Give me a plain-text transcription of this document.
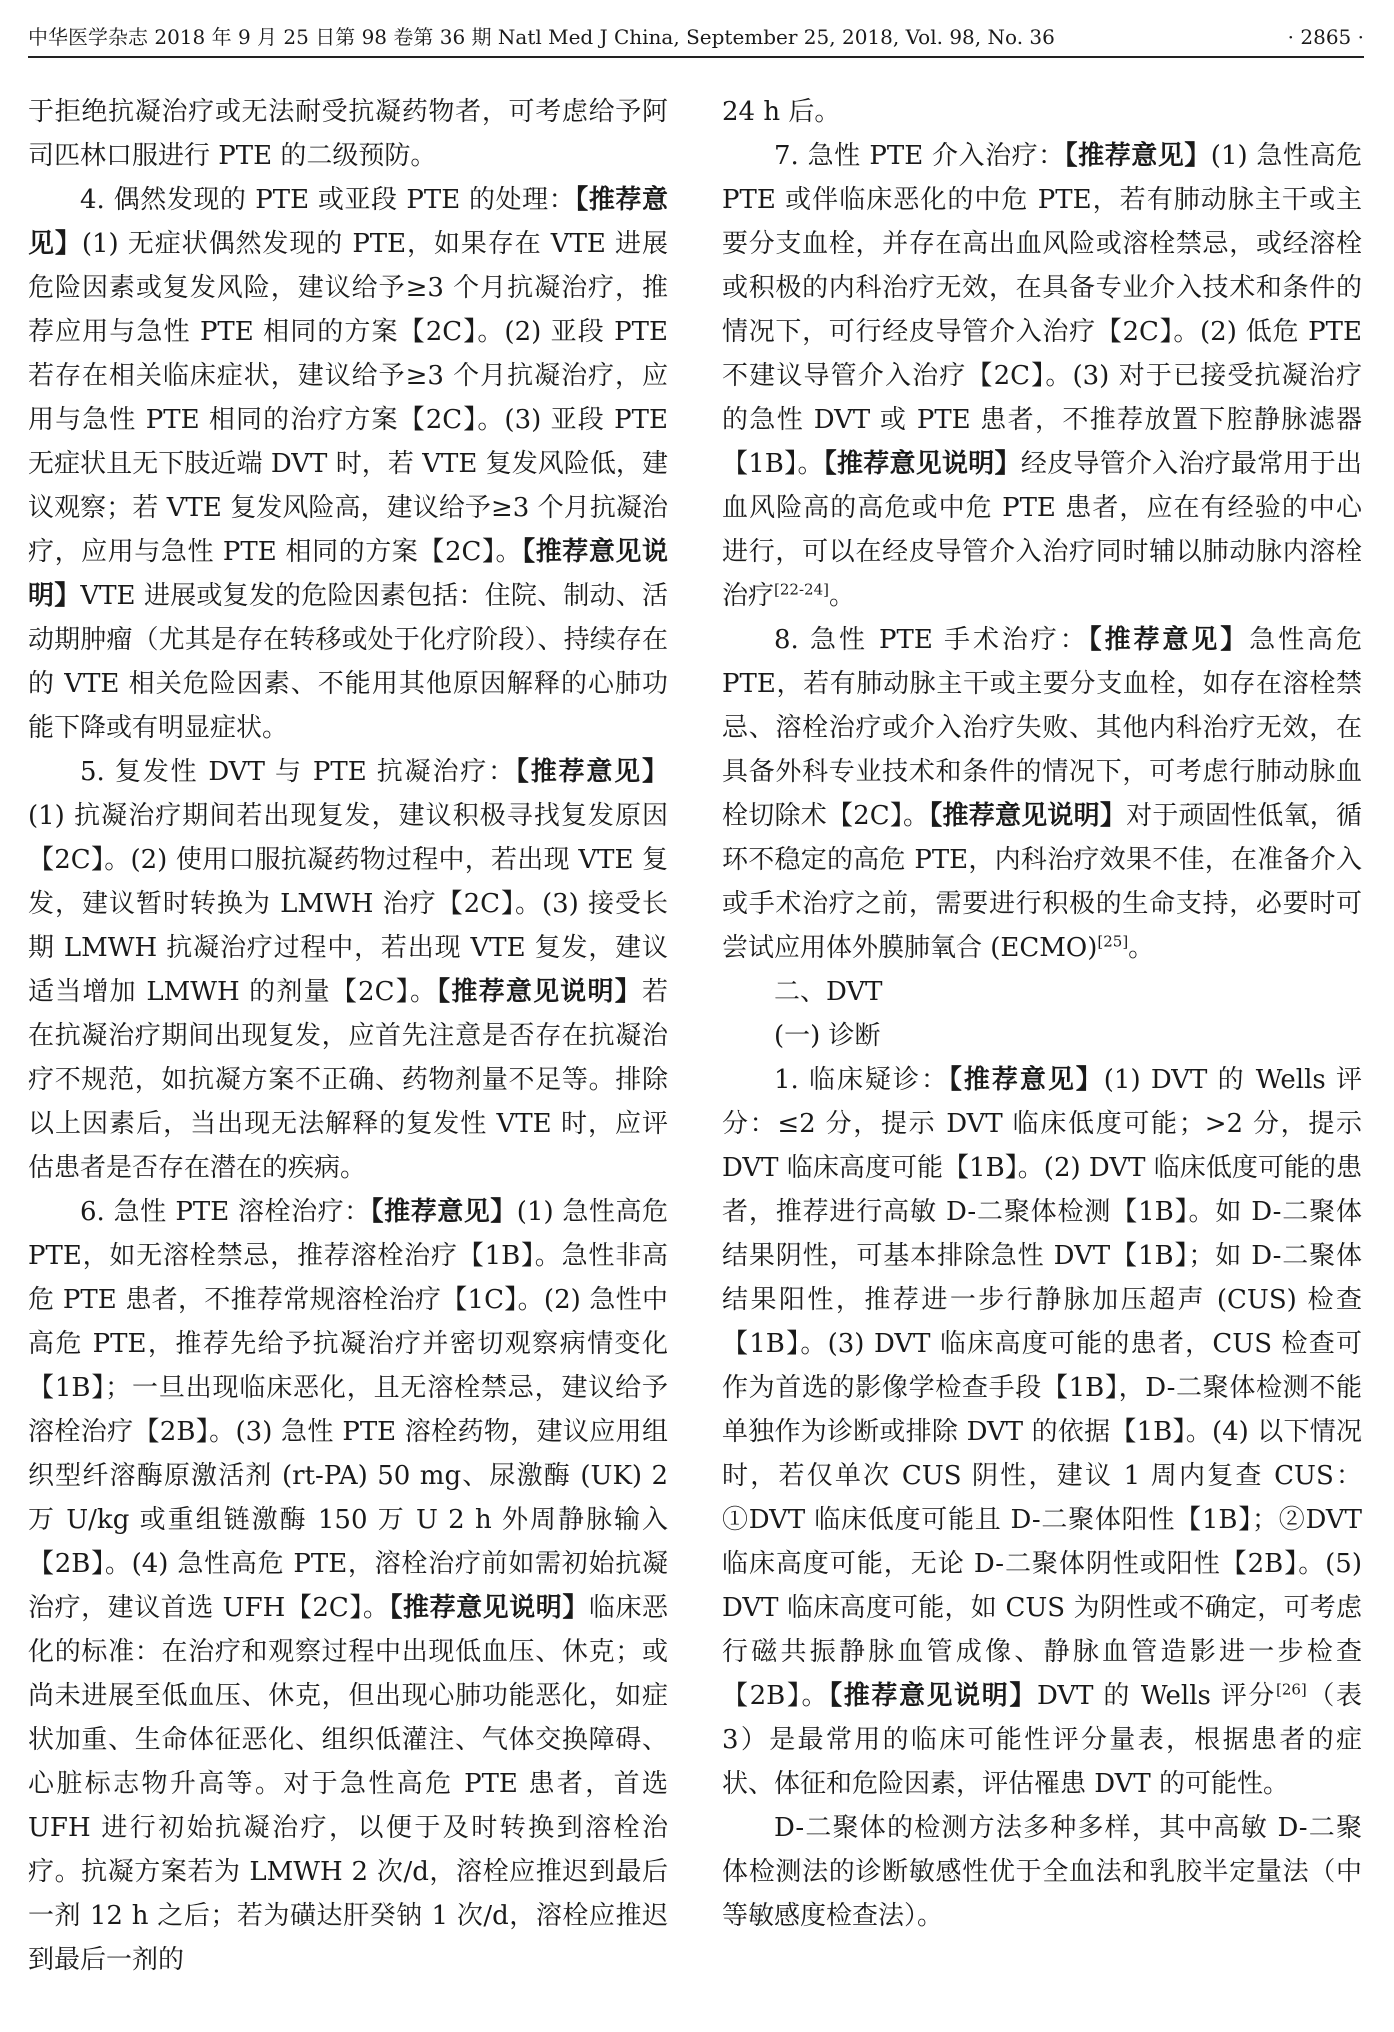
中华医学杂志 2018 年 9 月 25 日第 98 卷第 36 期 Natl Med J China, September 25, 2018, Vol. 98, No. 36	· 2865 ·

于拒绝抗凝治疗或无法耐受抗凝药物者，可考虑给予阿司匹林口服进行 PTE 的二级预防。

4. 偶然发现的 PTE 或亚段 PTE 的处理：【推荐意见】(1) 无症状偶然发现的 PTE，如果存在 VTE 进展危险因素或复发风险，建议给予≥3 个月抗凝治疗，推荐应用与急性 PTE 相同的方案【2C】。(2) 亚段 PTE 若存在相关临床症状，建议给予≥3 个月抗凝治疗，应用与急性 PTE 相同的治疗方案【2C】。(3) 亚段 PTE 无症状且无下肢近端 DVT 时，若 VTE 复发风险低，建议观察；若 VTE 复发风险高，建议给予≥3 个月抗凝治疗，应用与急性 PTE 相同的方案【2C】。【推荐意见说明】VTE 进展或复发的危险因素包括：住院、制动、活动期肿瘤（尤其是存在转移或处于化疗阶段）、持续存在的 VTE 相关危险因素、不能用其他原因解释的心肺功能下降或有明显症状。

5. 复发性 DVT 与 PTE 抗凝治疗：【推荐意见】(1) 抗凝治疗期间若出现复发，建议积极寻找复发原因【2C】。(2) 使用口服抗凝药物过程中，若出现 VTE 复发，建议暂时转换为 LMWH 治疗【2C】。(3) 接受长期 LMWH 抗凝治疗过程中，若出现 VTE 复发，建议适当增加 LMWH 的剂量【2C】。【推荐意见说明】若在抗凝治疗期间出现复发，应首先注意是否存在抗凝治疗不规范，如抗凝方案不正确、药物剂量不足等。排除以上因素后，当出现无法解释的复发性 VTE 时，应评估患者是否存在潜在的疾病。

6. 急性 PTE 溶栓治疗：【推荐意见】(1) 急性高危 PTE，如无溶栓禁忌，推荐溶栓治疗【1B】。急性非高危 PTE 患者，不推荐常规溶栓治疗【1C】。(2) 急性中高危 PTE，推荐先给予抗凝治疗并密切观察病情变化【1B】；一旦出现临床恶化，且无溶栓禁忌，建议给予溶栓治疗【2B】。(3) 急性 PTE 溶栓药物，建议应用组织型纤溶酶原激活剂 (rt-PA) 50 mg、尿激酶 (UK) 2 万 U/kg 或重组链激酶 150 万 U 2 h 外周静脉输入【2B】。(4) 急性高危 PTE，溶栓治疗前如需初始抗凝治疗，建议首选 UFH【2C】。【推荐意见说明】临床恶化的标准：在治疗和观察过程中出现低血压、休克；或尚未进展至低血压、休克，但出现心肺功能恶化，如症状加重、生命体征恶化、组织低灌注、气体交换障碍、心脏标志物升高等。对于急性高危 PTE 患者，首选 UFH 进行初始抗凝治疗，以便于及时转换到溶栓治疗。抗凝方案若为 LMWH 2 次/d，溶栓应推迟到最后一剂 12 h 之后；若为磺达肝癸钠 1 次/d，溶栓应推迟到最后一剂的

24 h 后。

7. 急性 PTE 介入治疗：【推荐意见】(1) 急性高危 PTE 或伴临床恶化的中危 PTE，若有肺动脉主干或主要分支血栓，并存在高出血风险或溶栓禁忌，或经溶栓或积极的内科治疗无效，在具备专业介入技术和条件的情况下，可行经皮导管介入治疗【2C】。(2) 低危 PTE 不建议导管介入治疗【2C】。(3) 对于已接受抗凝治疗的急性 DVT 或 PTE 患者，不推荐放置下腔静脉滤器【1B】。【推荐意见说明】经皮导管介入治疗最常用于出血风险高的高危或中危 PTE 患者，应在有经验的中心进行，可以在经皮导管介入治疗同时辅以肺动脉内溶栓治疗[22-24]。

8. 急性 PTE 手术治疗：【推荐意见】急性高危 PTE，若有肺动脉主干或主要分支血栓，如存在溶栓禁忌、溶栓治疗或介入治疗失败、其他内科治疗无效，在具备外科专业技术和条件的情况下，可考虑行肺动脉血栓切除术【2C】。【推荐意见说明】对于顽固性低氧，循环不稳定的高危 PTE，内科治疗效果不佳，在准备介入或手术治疗之前，需要进行积极的生命支持，必要时可尝试应用体外膜肺氧合 (ECMO)[25]。

二、DVT

(一) 诊断

1. 临床疑诊：【推荐意见】(1) DVT 的 Wells 评分：≤2 分，提示 DVT 临床低度可能；>2 分，提示 DVT 临床高度可能【1B】。(2) DVT 临床低度可能的患者，推荐进行高敏 D-二聚体检测【1B】。如 D-二聚体结果阴性，可基本排除急性 DVT【1B】；如 D-二聚体结果阳性，推荐进一步行静脉加压超声 (CUS) 检查【1B】。(3) DVT 临床高度可能的患者，CUS 检查可作为首选的影像学检查手段【1B】，D-二聚体检测不能单独作为诊断或排除 DVT 的依据【1B】。(4) 以下情况时，若仅单次 CUS 阴性，建议 1 周内复查 CUS：①DVT 临床低度可能且 D-二聚体阳性【1B】；②DVT 临床高度可能，无论 D-二聚体阴性或阳性【2B】。(5) DVT 临床高度可能，如 CUS 为阴性或不确定，可考虑行磁共振静脉血管成像、静脉血管造影进一步检查【2B】。【推荐意见说明】DVT 的 Wells 评分[26]（表 3）是最常用的临床可能性评分量表，根据患者的症状、体征和危险因素，评估罹患 DVT 的可能性。

D-二聚体的检测方法多种多样，其中高敏 D-二聚体检测法的诊断敏感性优于全血法和乳胶半定量法（中等敏感度检查法）。
